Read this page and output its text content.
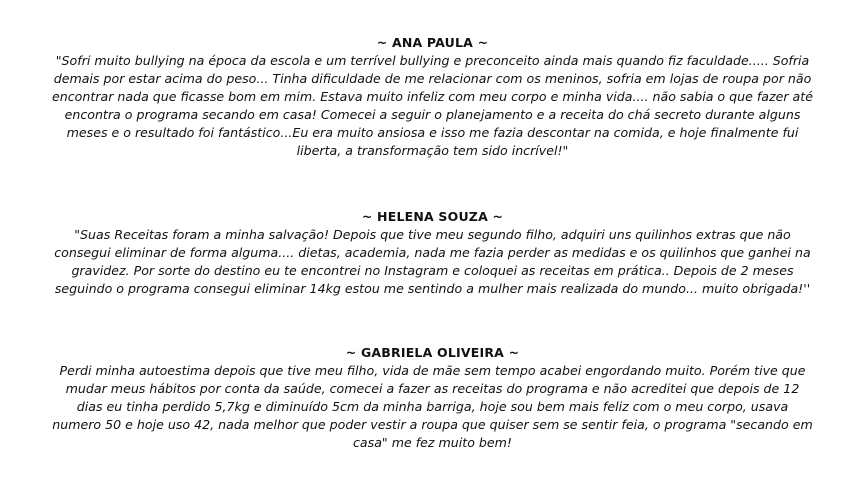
~ ANA PAULA ~

"Sofri muito bullying na época da escola e um terrível bullying e preconceito ainda mais quando fiz faculdade..... Sofria demais por estar acima do peso... Tinha dificuldade de me relacionar com os meninos, sofria em lojas de roupa por não encontrar nada que ficasse bom em mim. Estava muito infeliz com meu corpo e minha vida.... não sabia o que fazer até encontra o programa secando em casa! Comecei a seguir o planejamento e a receita do chá secreto durante alguns meses e o resultado foi fantástico...Eu era muito ansiosa e isso me fazia descontar na comida, e hoje finalmente fui liberta, a transformação tem sido incrível!"

~ HELENA SOUZA ~

"Suas Receitas foram a minha salvação! Depois que tive meu segundo filho, adquiri uns quilinhos extras que não consegui eliminar de forma alguma.... dietas, academia, nada me fazia perder as medidas e os quilinhos que ganhei na gravidez. Por sorte do destino eu te encontrei no Instagram e coloquei as receitas em prática.. Depois de 2 meses seguindo o programa consegui eliminar 14kg estou me sentindo a mulher mais realizada do mundo... muito obrigada!''

~ GABRIELA OLIVEIRA ~

Perdi minha autoestima depois que tive meu filho, vida de mãe sem tempo acabei engordando muito. Porém tive que mudar meus hábitos por conta da saúde, comecei a fazer as receitas do programa e não acreditei que depois de 12 dias eu tinha perdido 5,7kg e diminuído 5cm da minha barriga, hoje sou bem mais feliz com o meu corpo, usava numero 50 e hoje uso 42, nada melhor que poder vestir a roupa que quiser sem se sentir feia, o programa "secando em casa" me fez muito bem!
